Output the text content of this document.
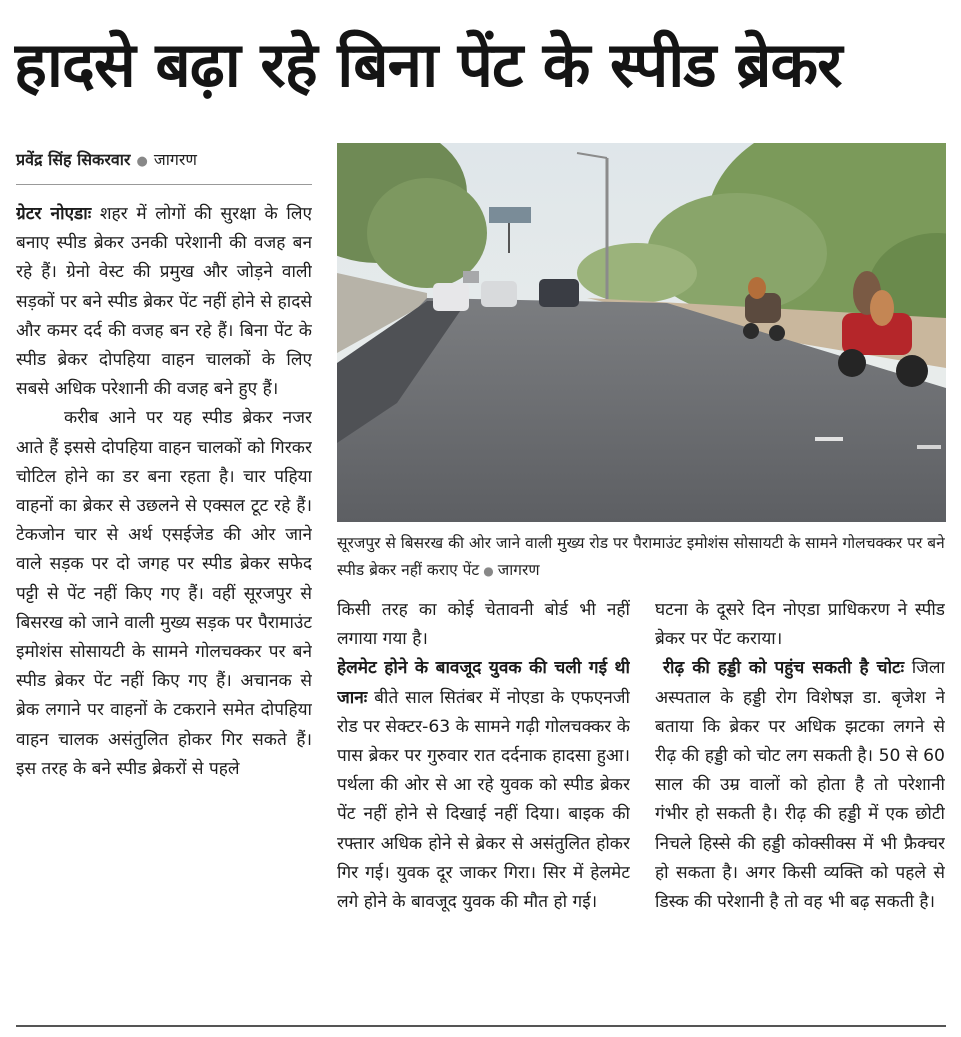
हादसे बढ़ा रहे बिना पेंट के स्पीड ब्रेकर
प्रवेंद्र सिंह सिकरवार ● जागरण

ग्रेटर नोएडाः शहर में लोगों की सुरक्षा के लिए बनाए स्पीड ब्रेकर उनकी परेशानी की वजह बन रहे हैं। ग्रेनो वेस्ट की प्रमुख और जोड़ने वाली सड़कों पर बने स्पीड ब्रेकर पेंट नहीं होने से हादसे और कमर दर्द की वजह बन रहे हैं। बिना पेंट के स्पीड ब्रेकर दोपहिया वाहन चालकों के लिए सबसे अधिक परेशानी की वजह बने हुए हैं।

करीब आने पर यह स्पीड ब्रेकर नजर आते हैं इससे दोपहिया वाहन चालकों को गिरकर चोटिल होने का डर बना रहता है। चार पहिया वाहनों का ब्रेकर से उछलने से एक्सल टूट रहे हैं। टेकजोन चार से अर्थ एसईजेड की ओर जाने वाले सड़क पर दो जगह पर स्पीड ब्रेकर सफेद पट्टी से पेंट नहीं किए गए हैं। वहीं सूरजपुर से बिसरख को जाने वाली मुख्य सड़क पर पैरामाउंट इमोशंस सोसायटी के सामने गोलचक्कर पर बने स्पीड ब्रेकर पेंट नहीं किए गए हैं। अचानक से ब्रेक लगाने पर वाहनों के टकराने समेत दोपहिया वाहन चालक असंतुलित होकर गिर सकते हैं। इस तरह के बने स्पीड ब्रेकरों से पहले

सूरजपुर से बिसरख की ओर जाने वाली मुख्य रोड पर पैरामाउंट इमोशंस सोसायटी के सामने गोलचक्कर पर बने स्पीड ब्रेकर नहीं कराए पेंट ● जागरण

किसी तरह का कोई चेतावनी बोर्ड भी नहीं लगाया गया है।

हेलमेट होने के बावजूद युवक की चली गई थी जानः बीते साल सितंबर में नोएडा के एफएनजी रोड पर सेक्टर-63 के सामने गढ़ी गोलचक्कर के पास ब्रेकर पर गुरुवार रात दर्दनाक हादसा हुआ। पर्थला की ओर से आ रहे युवक को स्पीड ब्रेकर पेंट नहीं होने से दिखाई नहीं दिया। बाइक की रफ्तार अधिक होने से ब्रेकर से असंतुलित होकर गिर गई। युवक दूर जाकर गिरा। सिर में हेलमेट लगे होने के बावजूद युवक की मौत हो गई।

घटना के दूसरे दिन नोएडा प्राधिकरण ने स्पीड ब्रेकर पर पेंट कराया।

रीढ़ की हड्डी को पहुंच सकती है चोटः जिला अस्पताल के हड्डी रोग विशेषज्ञ डा. बृजेश ने बताया कि ब्रेकर पर अधिक झटका लगने से रीढ़ की हड्डी को चोट लग सकती है। 50 से 60 साल की उम्र वालों को होता है तो परेशानी गंभीर हो सकती है। रीढ़ की हड्डी में एक छोटी निचले हिस्से की हड्डी कोक्सीक्स में भी फ्रैक्चर हो सकता है। अगर किसी व्यक्ति को पहले से डिस्क की परेशानी है तो वह भी बढ़ सकती है।
